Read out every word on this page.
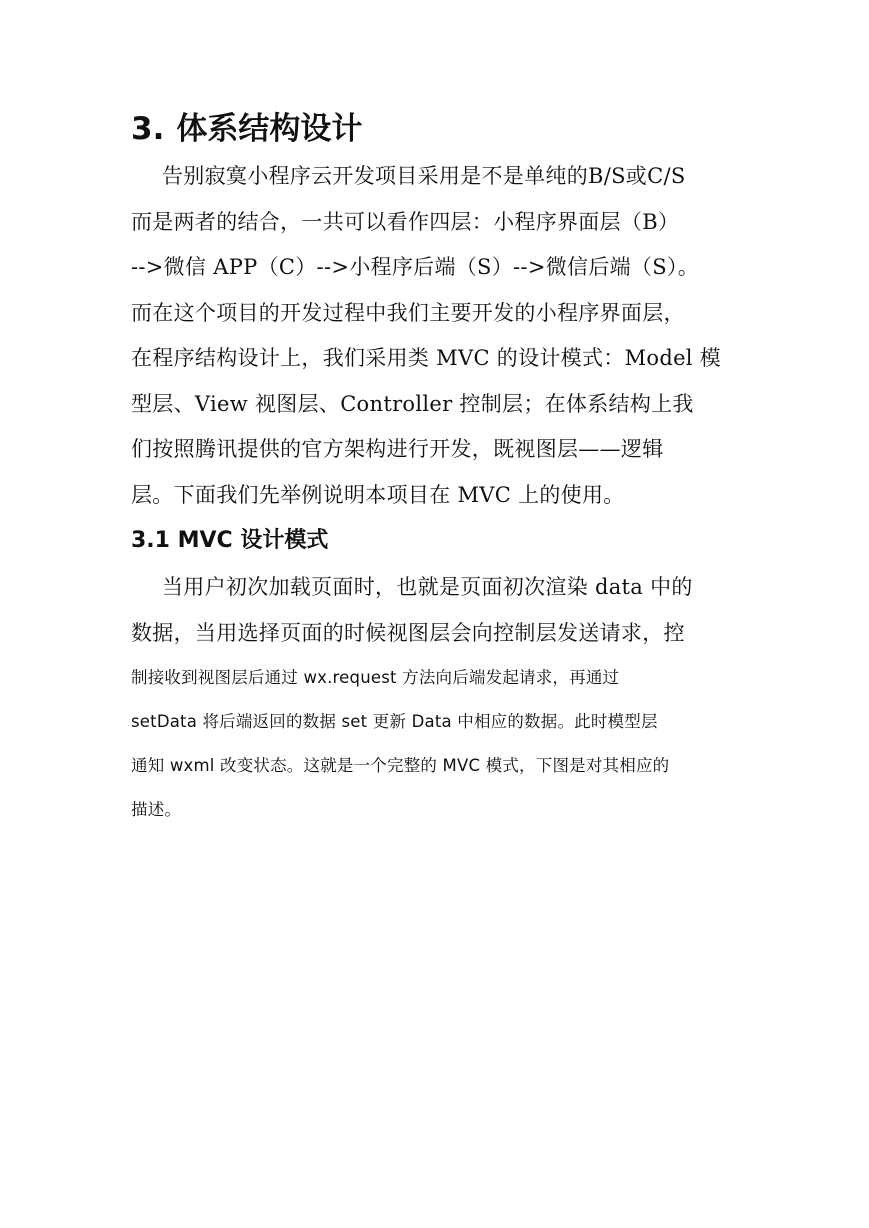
3. 体系结构设计
告别寂寞小程序云开发项目采用是不是单纯的B/S或C/S
而是两者的结合，一共可以看作四层：小程序界面层（B）
-->微信 APP（C）-->小程序后端（S）-->微信后端（S）。
而在这个项目的开发过程中我们主要开发的小程序界面层，
在程序结构设计上，我们采用类 MVC 的设计模式：Model 模
型层、View 视图层、Controller 控制层；在体系结构上我
们按照腾讯提供的官方架构进行开发，既视图层——逻辑
层。下面我们先举例说明本项目在 MVC 上的使用。
3.1 MVC 设计模式
当用户初次加载页面时，也就是页面初次渲染 data 中的
数据，当用选择页面的时候视图层会向控制层发送请求，控
制接收到视图层后通过 wx.request 方法向后端发起请求，再通过
setData 将后端返回的数据 set 更新 Data 中相应的数据。此时模型层
通知 wxml 改变状态。这就是一个完整的 MVC 模式，下图是对其相应的
描述。
